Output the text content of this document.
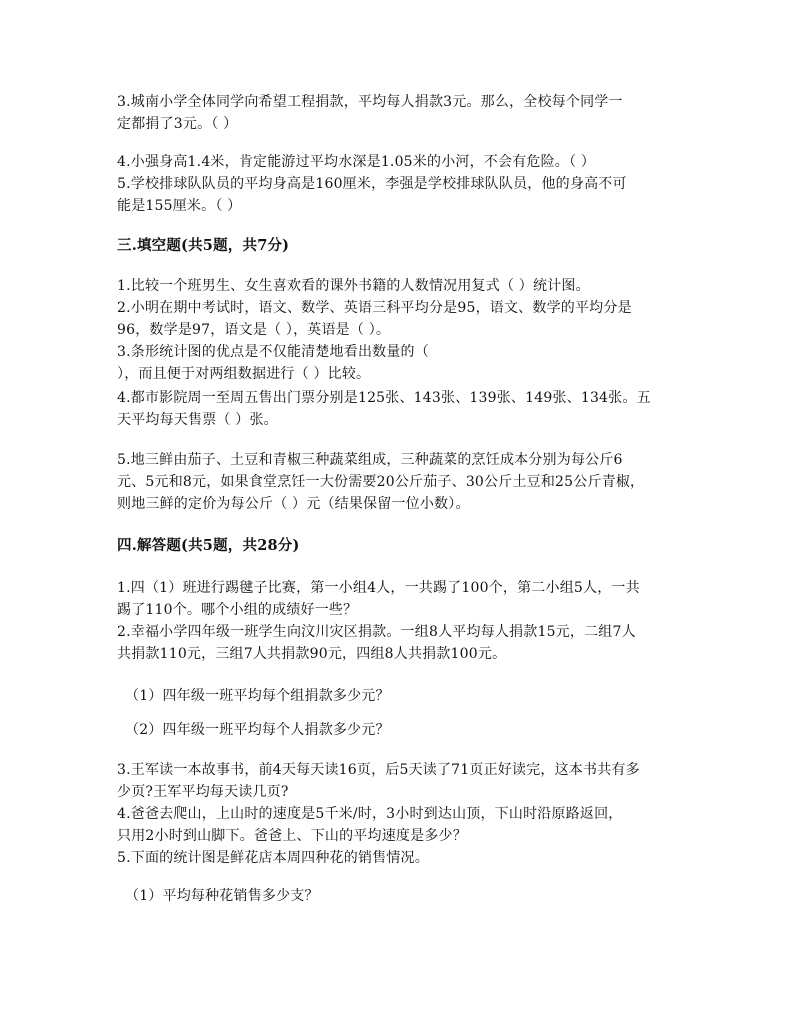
3.城南小学全体同学向希望工程捐款，平均每人捐款3元。那么，全校每个同学一
定都捐了3元。（ ）
4.小强身高1.4米，肯定能游过平均水深是1.05米的小河，不会有危险。（ ）
5.学校排球队队员的平均身高是160厘米，李强是学校排球队队员，他的身高不可
能是155厘米。（ ）
三.填空题(共5题，共7分)
1.比较一个班男生、女生喜欢看的课外书籍的人数情况用复式（ ）统计图。
2.小明在期中考试时，语文、数学、英语三科平均分是95，语文、数学的平均分是
96，数学是97，语文是（ ），英语是（ ）。
3.条形统计图的优点是不仅能清楚地看出数量的（
），而且便于对两组数据进行（ ）比较。
4.都市影院周一至周五售出门票分别是125张、143张、139张、149张、134张。五
天平均每天售票（ ）张。
5.地三鲜由茄子、土豆和青椒三种蔬菜组成，三种蔬菜的烹饪成本分别为每公斤6
元、5元和8元，如果食堂烹饪一大份需要20公斤茄子、30公斤土豆和25公斤青椒，
则地三鲜的定价为每公斤（ ）元（结果保留一位小数）。
四.解答题(共5题，共28分)
1.四（1）班进行踢毽子比赛，第一小组4人，一共踢了100个，第二小组5人，一共
踢了110个。哪个小组的成绩好一些？
2.幸福小学四年级一班学生向汶川灾区捐款。一组8人平均每人捐款15元，二组7人
共捐款110元，三组7人共捐款90元，四组8人共捐款100元。
（1）四年级一班平均每个组捐款多少元？
（2）四年级一班平均每个人捐款多少元？
3.王军读一本故事书，前4天每天读16页，后5天读了71页正好读完，这本书共有多
少页?王军平均每天读几页?
4.爸爸去爬山，上山时的速度是5千米/时，3小时到达山顶，下山时沿原路返回，
只用2小时到山脚下。爸爸上、下山的平均速度是多少？
5.下面的统计图是鲜花店本周四种花的销售情况。
（1）平均每种花销售多少支？
